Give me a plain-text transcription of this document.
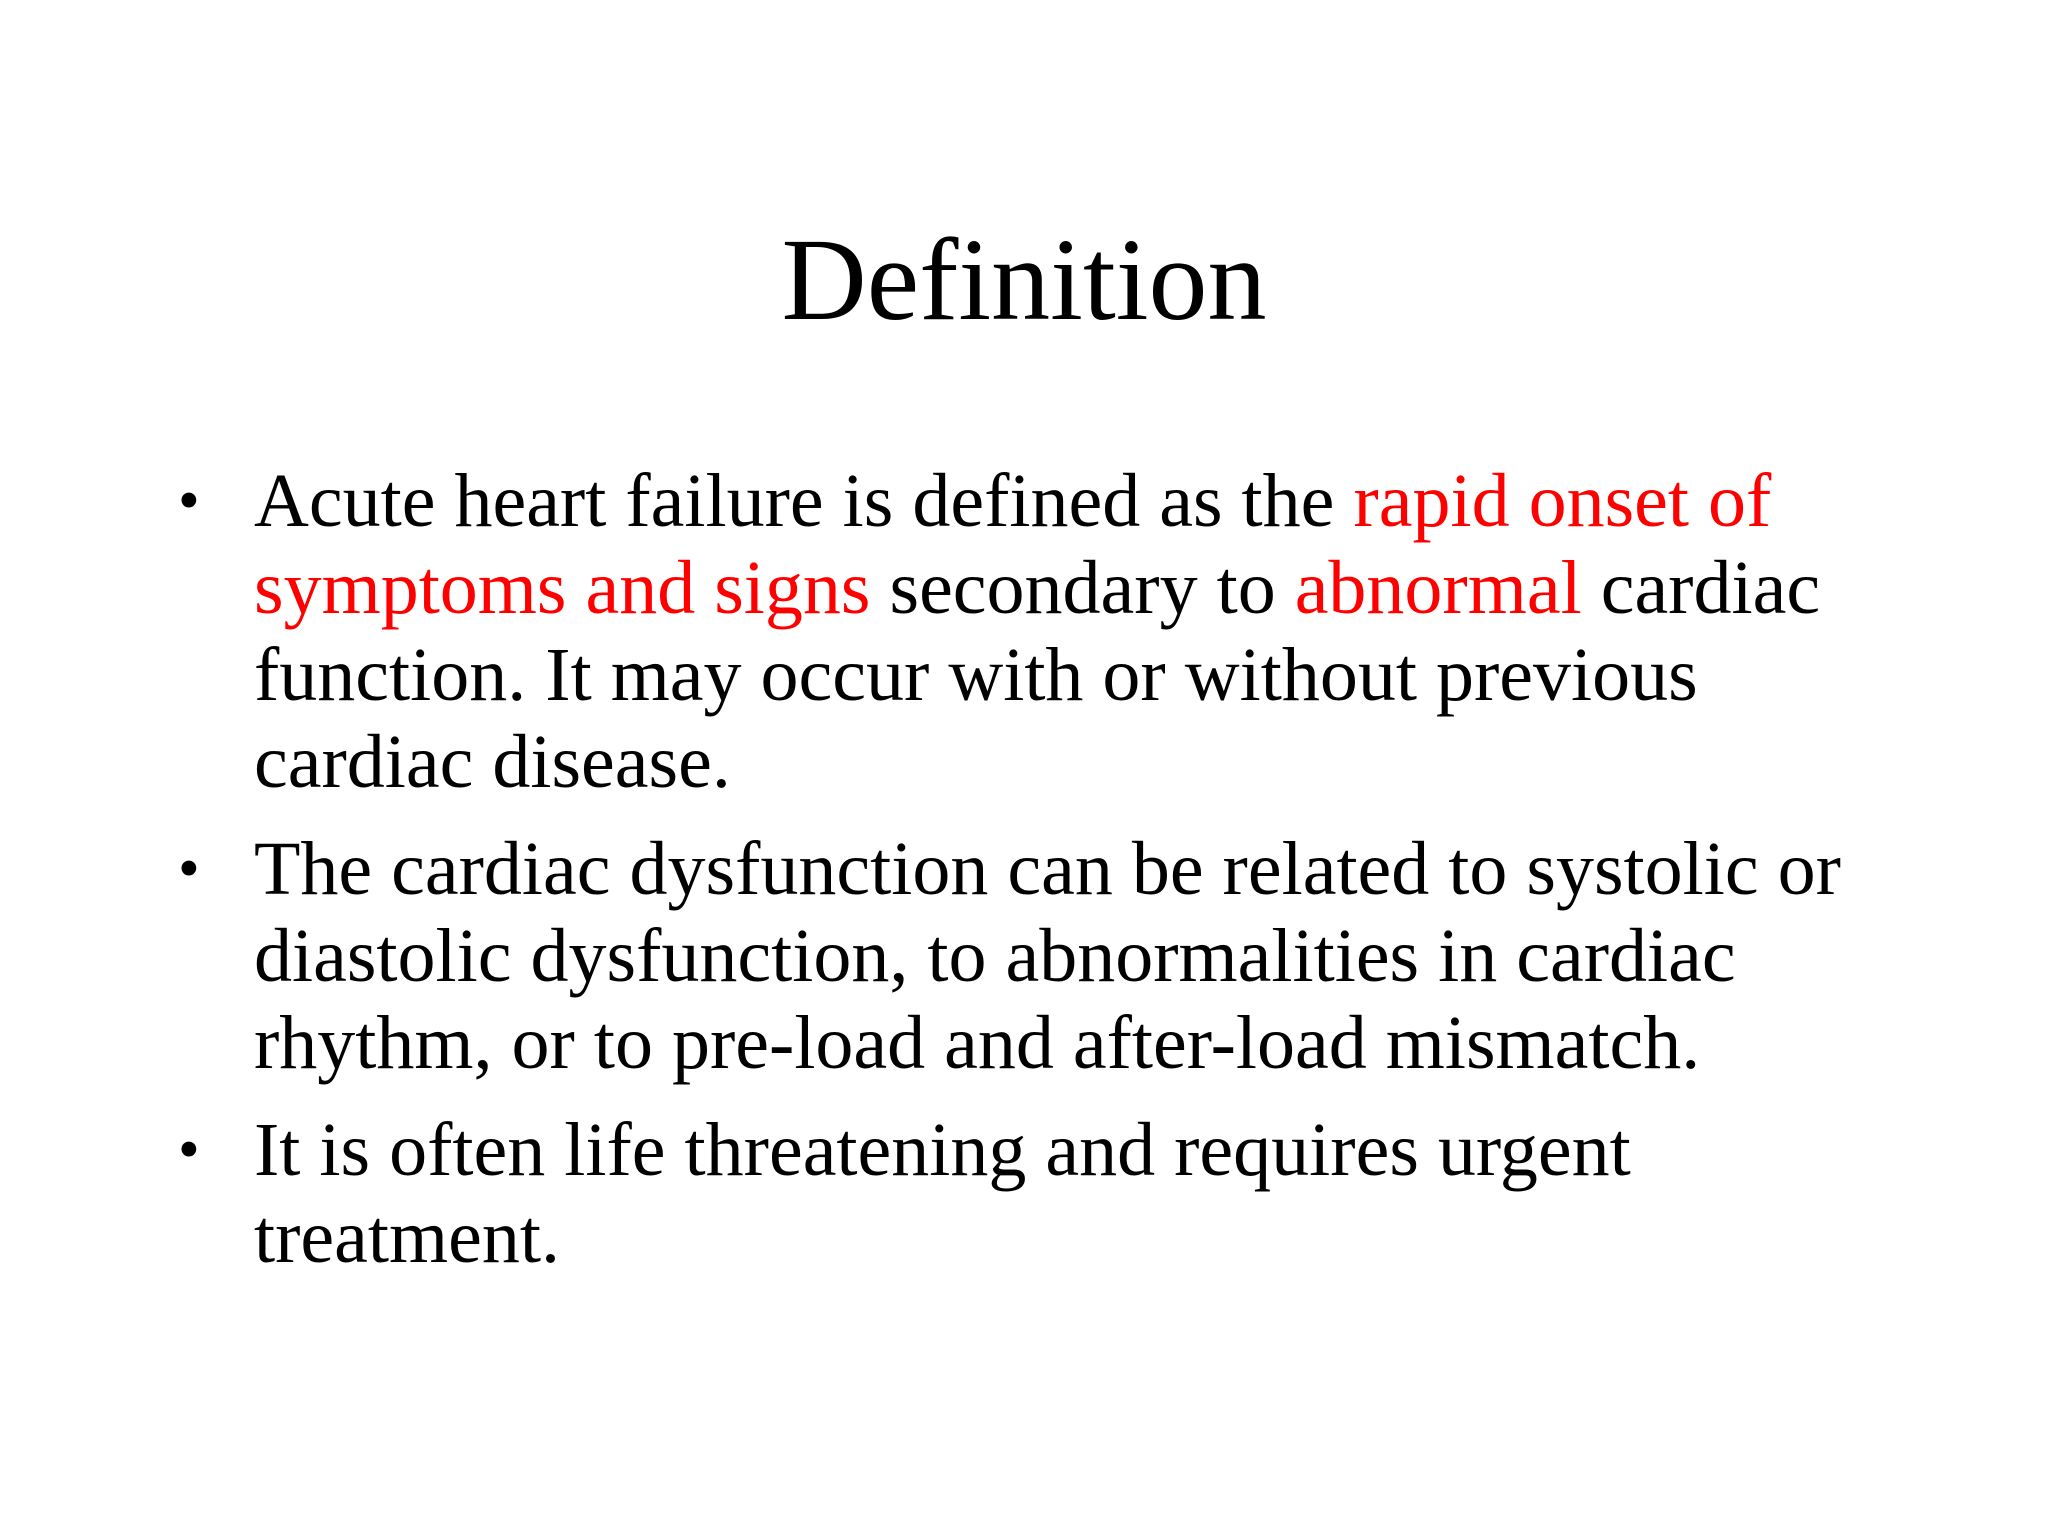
Definition
• Acute heart failure is defined as the rapid onset of symptoms and signs secondary to abnormal cardiac function. It may occur with or without previous cardiac disease.
• The cardiac dysfunction can be related to systolic or diastolic dysfunction, to abnormalities in cardiac rhythm, or to pre-load and after-load mismatch.
• It is often life threatening and requires urgent treatment.
